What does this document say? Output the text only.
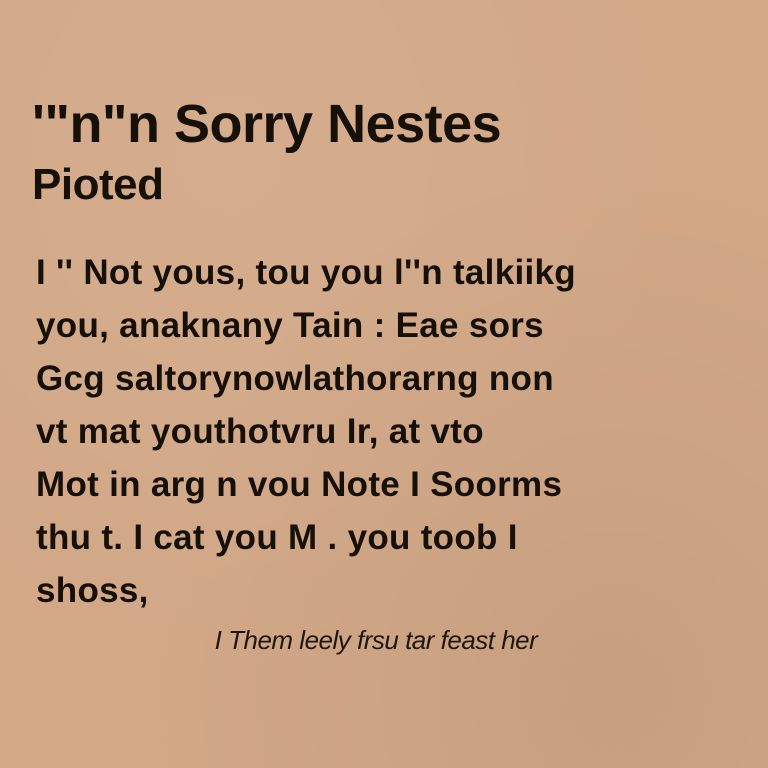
'"n"n Sorry Nestes
Pioted
I '' Not yous, tou you l''n talkiikg
you, anaknany Tain : Eae sors
Gcg saltorynowlathorarng non
vt mat youthotvru Ir, at vto
Mot in arg n vou Note I Soorms
thu t. I cat you M . you toob I
shoss,
I Them leely frsu tar feast her
